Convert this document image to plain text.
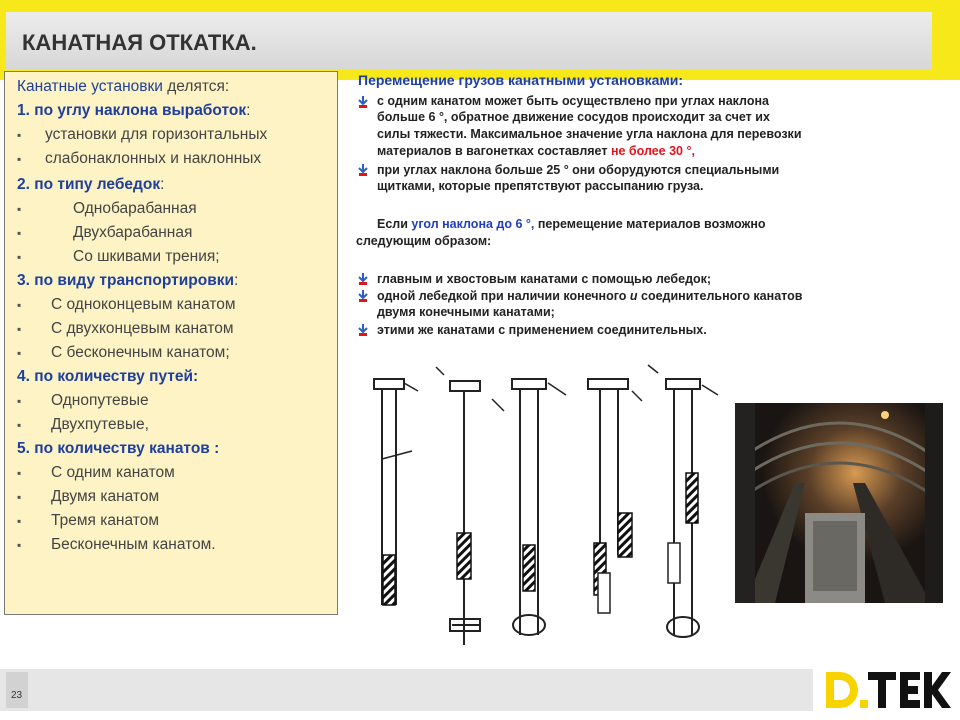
КАНАТНАЯ ОТКАТКА.
Канатные установки делятся:
1. по углу наклона выработок:
▪ установки для горизонтальных
▪ слабонаклонных и наклонных
2. по типу лебедок:
▪	Однобарабанная
▪	Двухбарабанная
▪	Со шкивами трения;
3. по виду транспортировки:
▪ С одноконцевым канатом
▪ С двухконцевым канатом
▪ С бесконечным канатом;
4. по количеству путей:
▪ Однопутевые
▪ Двухпутевые,
5. по количеству канатов :
▪ С одним канатом
▪ Двумя канатом
▪ Тремя канатом
▪ Бесконечным канатом.
Перемещение грузов канатными установками:
с одним канатом может быть осуществлено при углах наклона
больше 6 °, обратное движение сосудов происходит за счет их
силы тяжести. Максимальное значение угла наклона для перевозки
материалов в вагонетках составляет не более 30 °,
при углах наклона больше 25 ° они оборудуются специальными
щитками, которые препятствуют рассыпанию груза.
Если угол наклона до 6 °, перемещение материалов возможно
следующим образом:
главным и хвостовым канатами с помощью лебедок;
одной лебедкой при наличии конечного и соединительного канатов
двумя конечными канатами;
этими же канатами с применением соединительных.
23
